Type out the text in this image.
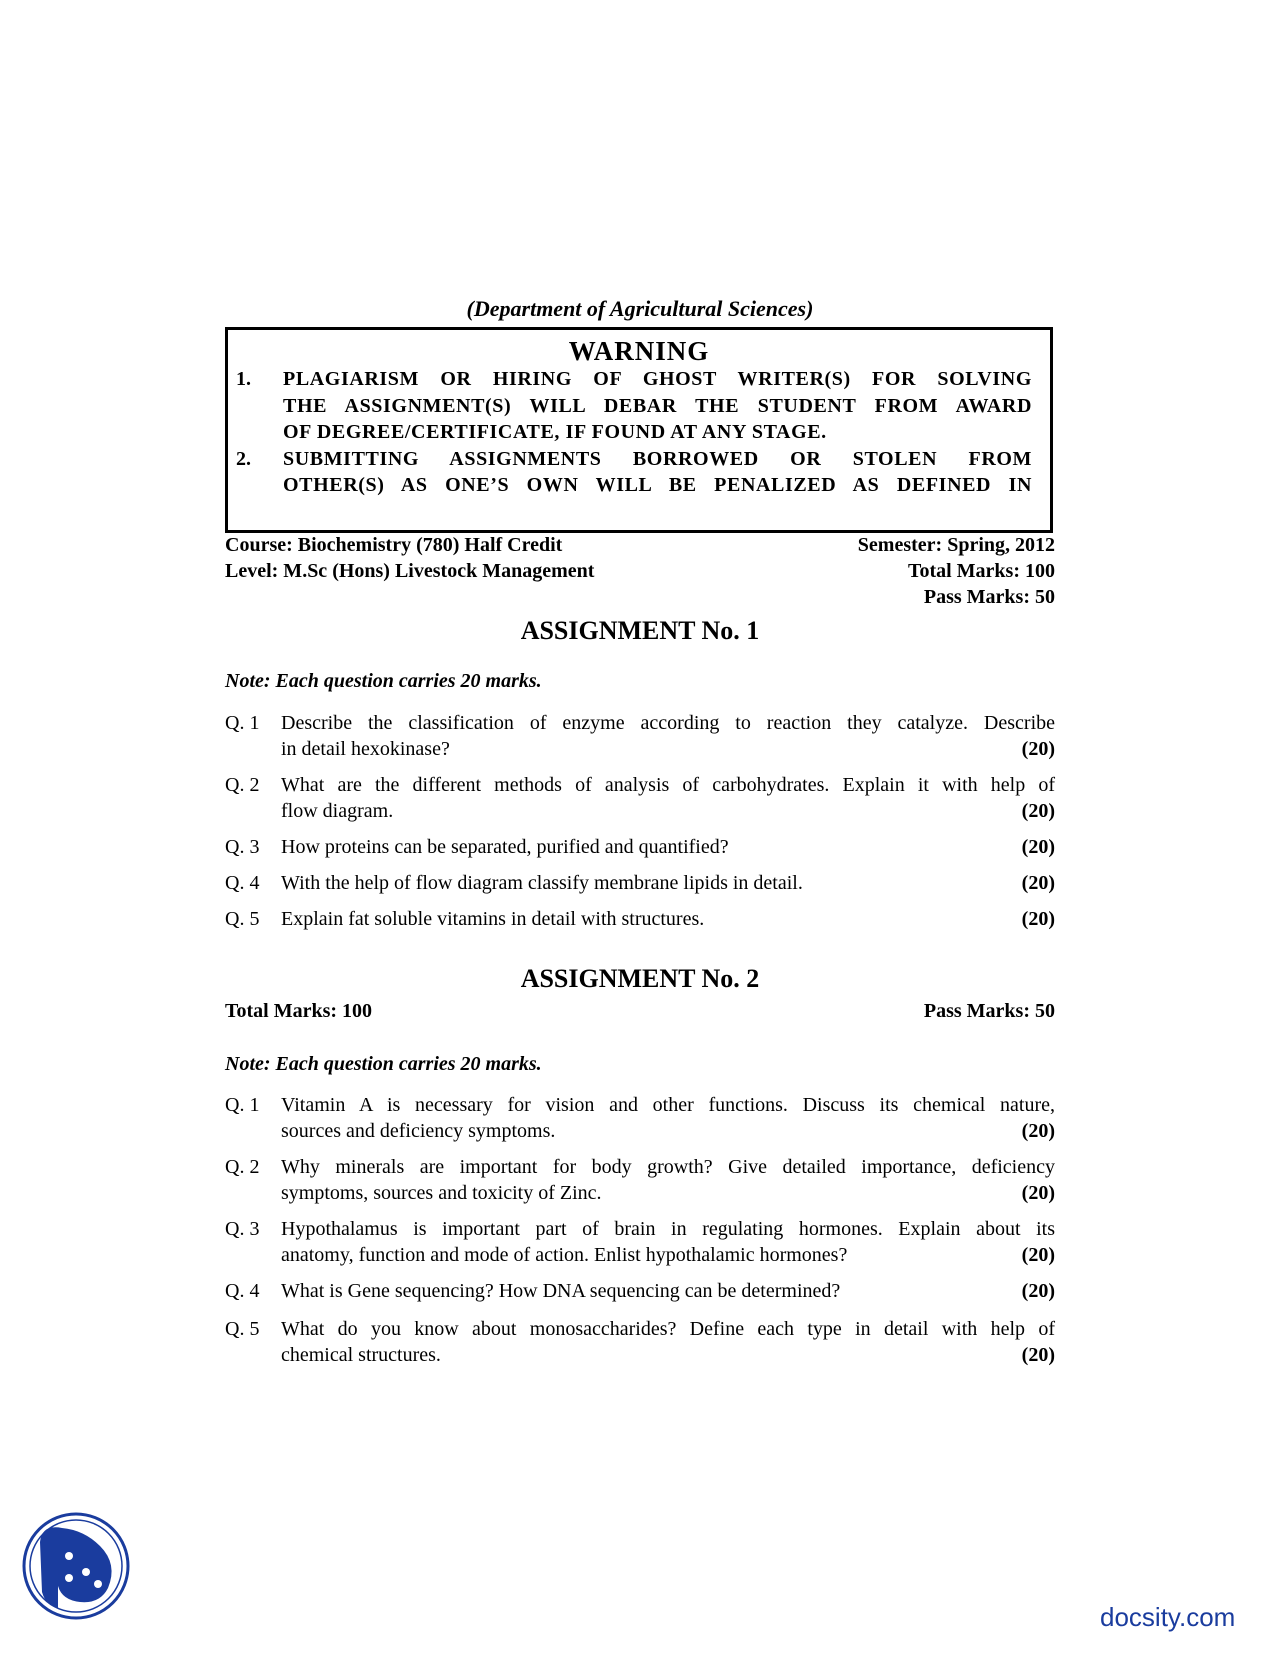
(Department of Agricultural Sciences)
WARNING
1.	PLAGIARISM OR HIRING OF GHOST WRITER(S) FOR SOLVING
THE ASSIGNMENT(S) WILL DEBAR THE STUDENT FROM AWARD
OF DEGREE/CERTIFICATE, IF FOUND AT ANY STAGE.
2.	SUBMITTING ASSIGNMENTS BORROWED OR STOLEN FROM
OTHER(S) AS ONE’S OWN WILL BE PENALIZED AS DEFINED IN
Course: Biochemistry (780) Half Credit	Semester: Spring, 2012
Level: M.Sc (Hons) Livestock Management	Total Marks: 100
Pass Marks: 50
ASSIGNMENT No. 1
Note: Each question carries 20 marks.
Q. 1	Describe the classification of enzyme according to reaction they catalyze. Describe
in detail hexokinase?	(20)
Q. 2	What are the different methods of analysis of carbohydrates. Explain it with help of
flow diagram.	(20)
Q. 3	How proteins can be separated, purified and quantified?	(20)
Q. 4	With the help of flow diagram classify membrane lipids in detail.	(20)
Q. 5	Explain fat soluble vitamins in detail with structures.	(20)
ASSIGNMENT No. 2
Total Marks: 100	Pass Marks: 50
Note: Each question carries 20 marks.
Q. 1	Vitamin A is necessary for vision and other functions. Discuss its chemical nature,
sources and deficiency symptoms.	(20)
Q. 2	Why minerals are important for body growth? Give detailed importance, deficiency
symptoms, sources and toxicity of Zinc.	(20)
Q. 3	Hypothalamus is important part of brain in regulating hormones. Explain about its
anatomy, function and mode of action. Enlist hypothalamic hormones?	(20)
Q. 4	What is Gene sequencing? How DNA sequencing can be determined?	(20)
Q. 5	What do you know about monosaccharides? Define each type in detail with help of
chemical structures.	(20)
docsity.com
